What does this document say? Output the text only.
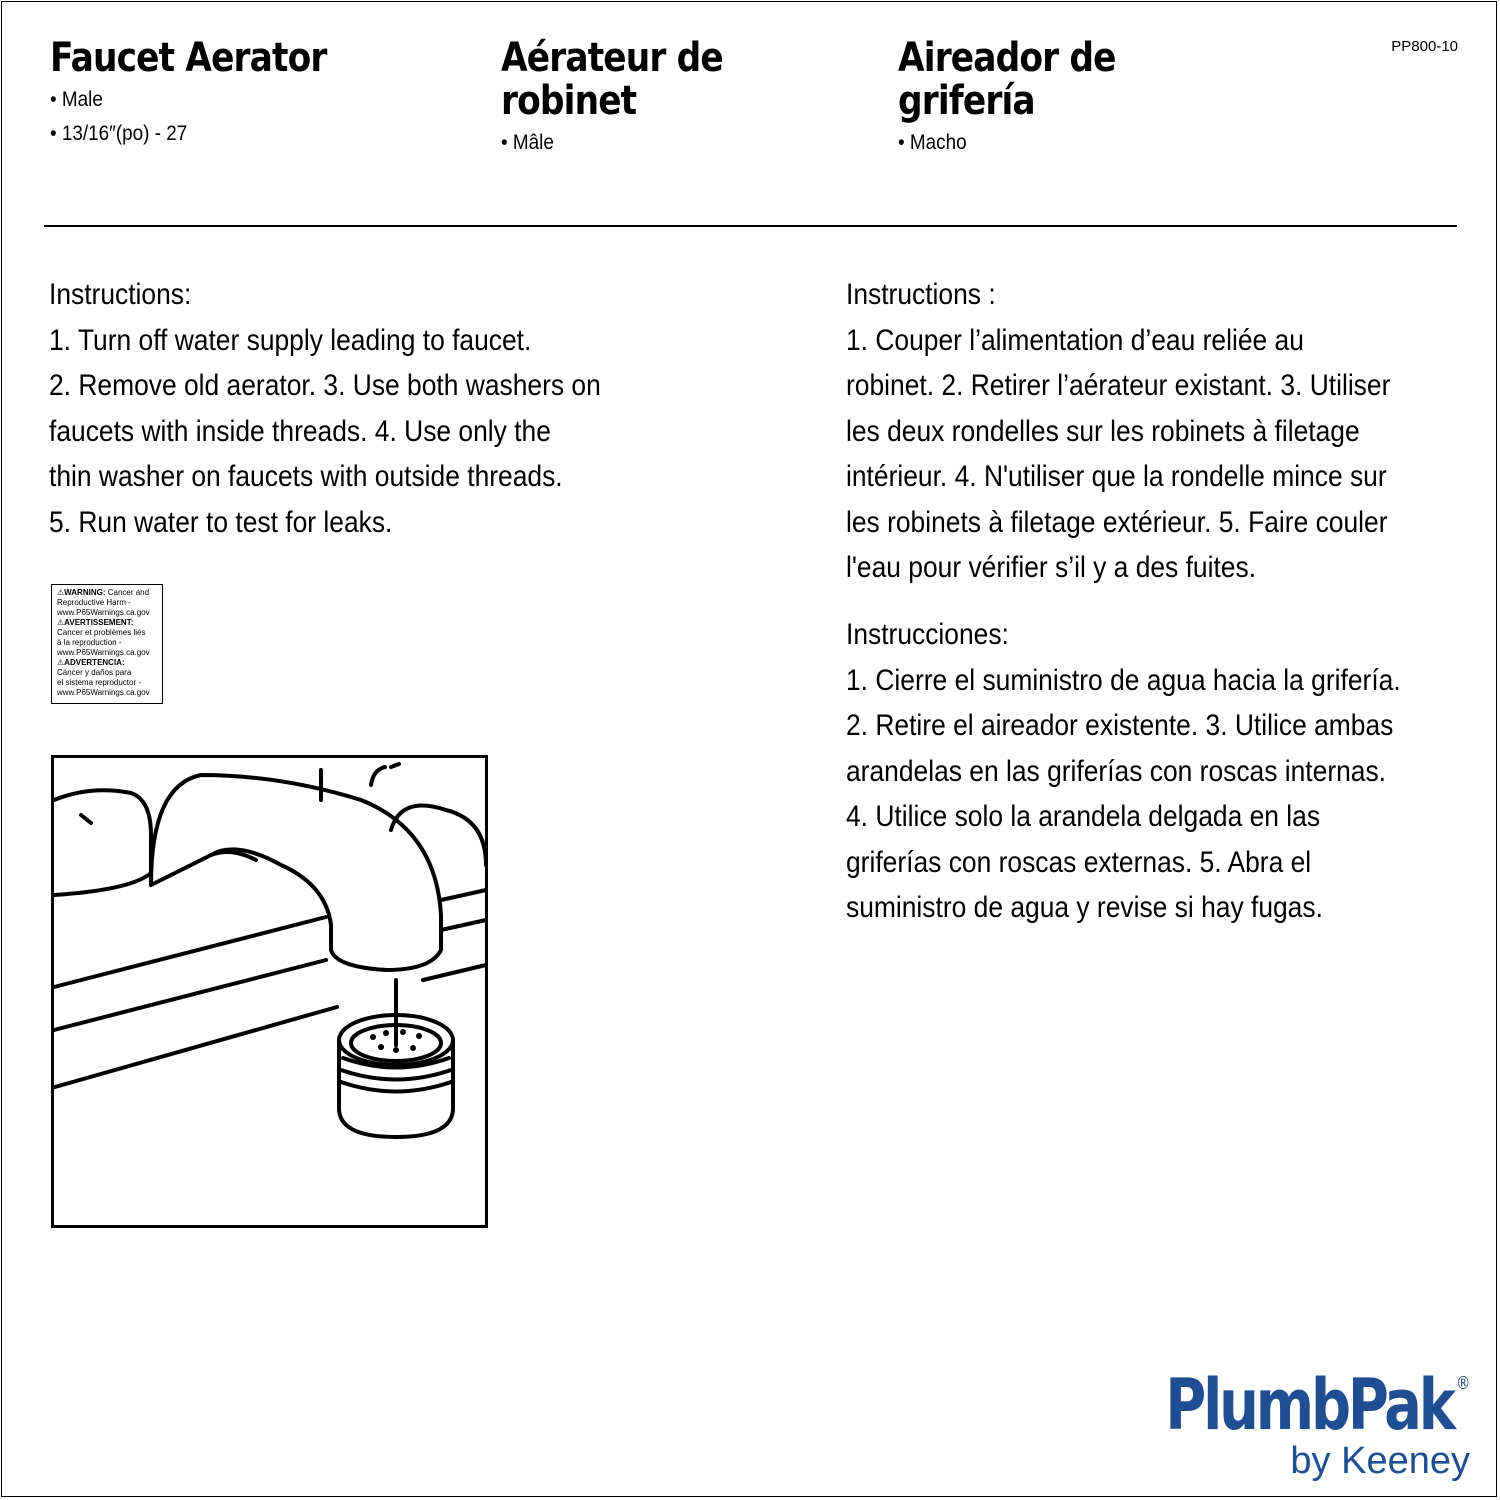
Faucet Aerator
• Male
• 13/16″(po) - 27
Aérateur de
robinet
• Mâle
Aireador de
grifería
• Macho
PP800-10

Instructions:

1. Turn off water supply leading to faucet.

2. Remove old aerator. 3. Use both washers on

faucets with inside threads. 4. Use only the

thin washer on faucets with outside threads.

5. Run water to test for leaks.

Instructions :

1. Couper l’alimentation d’eau reliée au

robinet. 2. Retirer l’aérateur existant. 3. Utiliser

les deux rondelles sur les robinets à filetage

intérieur. 4. N'utiliser que la rondelle mince sur

les robinets à filetage extérieur. 5. Faire couler

l'eau pour vérifier s’il y a des fuites.

Instrucciones:

1. Cierre el suministro de agua hacia la grifería.

2. Retire el aireador existente. 3. Utilice ambas

arandelas en las griferías con roscas internas.

4. Utilice solo la arandela delgada en las

griferías con roscas externas. 5. Abra el

suministro de agua y revise si hay fugas.

⚠WARNING: Cancer and
Reproductive Harm -
www.P65Warnings.ca.gov
⚠AVERTISSEMENT:
Cancer et problèmes liés
à la reproduction -
www.P65Warnings.ca.gov
⚠ADVERTENCIA:
Cáncer y daños para
el sistema reproductor -
www.P65Warnings.ca.gov
PlumbPak ®
by Keeney
